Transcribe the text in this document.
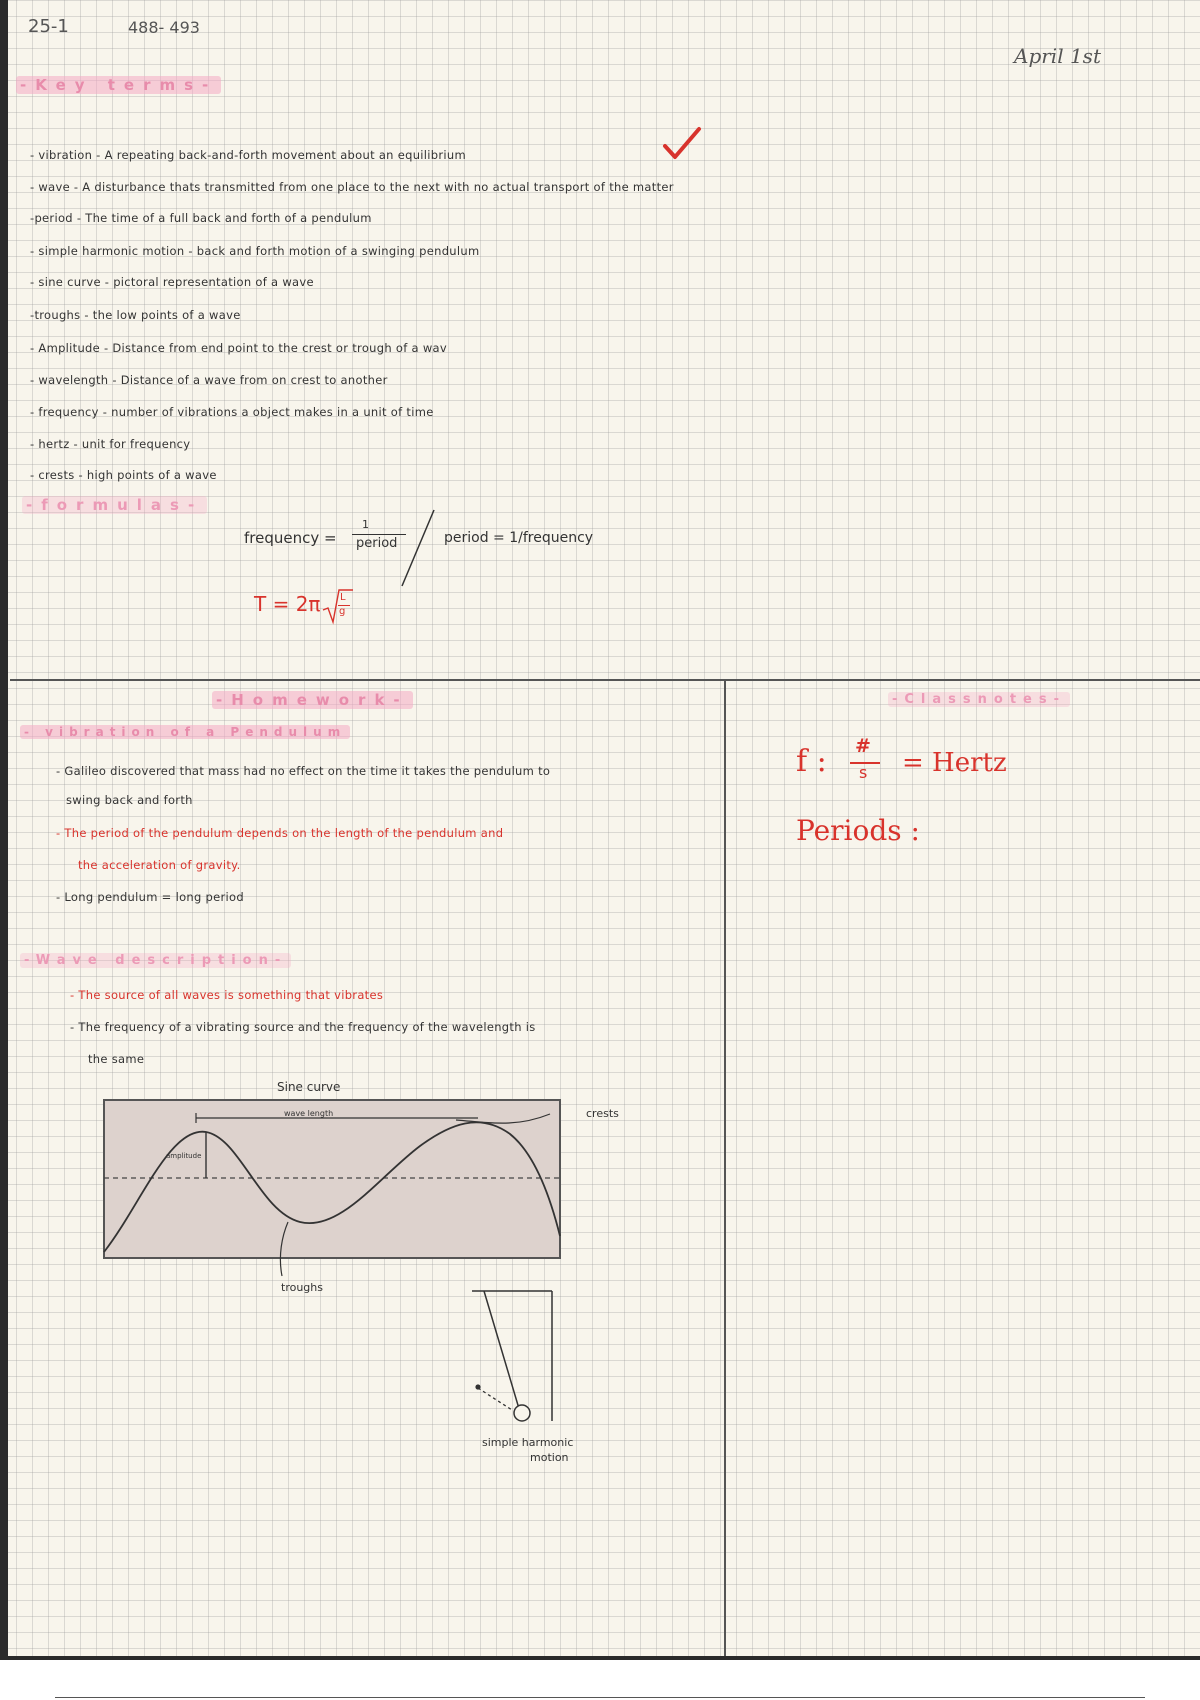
25-1	488- 493
April 1st
-Key terms-
- vibration - A repeating back-and-forth movement about an equilibrium
- wave - A disturbance thats transmitted from one place to the next with no actual transport of the matter
-period - The time of a full back and forth of a pendulum
- simple harmonic motion - back and forth motion of a swinging pendulum
- sine curve - pictoral representation of a wave
-troughs - the low points of a wave
- Amplitude - Distance from end point to the crest or trough of a wav
- wavelength - Distance of a wave from on crest to another
- frequency - number of vibrations a object makes in a unit of time
- hertz - unit for frequency
- crests - high points of a wave
-formulas-
frequency =
1
period	period = 1/frequency
T = 2π L
g
-Homework-
- vibration of a Pendulum
- Galileo discovered that mass had no effect on the time it takes the pendulum to
swing back and forth
- The period of the pendulum depends on the length of the pendulum and
the acceleration of gravity.
- Long pendulum = long period
-Wave description-
- The source of all waves is something that vibrates
- The frequency of a vibrating source and the frequency of the wavelength is
the same
Sine curve
wave length
amplitude
crests
troughs
simple harmonic
motion
-Classnotes-
f : #
s = Hertz
Periods :
